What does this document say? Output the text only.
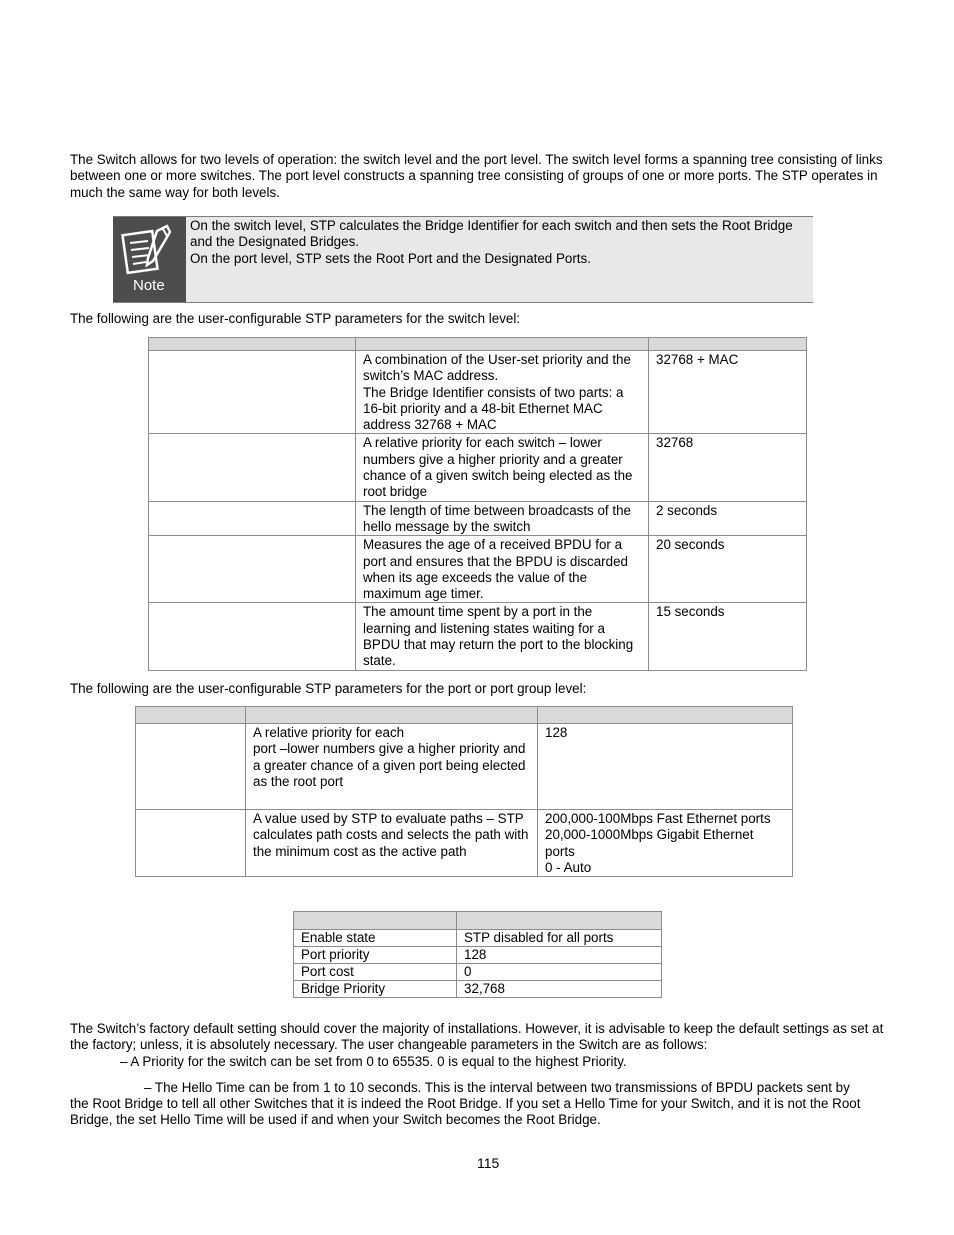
The Switch allows for two levels of operation: the switch level and the port level. The switch level forms a spanning tree consisting of links between one or more switches. The port level constructs a spanning tree consisting of groups of one or more ports. The STP operates in much the same way for both levels.

Note

On the switch level, STP calculates the Bridge Identifier for each switch and then sets the Root Bridge and the Designated Bridges.

On the port level, STP sets the Root Port and the Designated Ports.

The following are the user-configurable STP parameters for the switch level:

	A combination of the User-set priority and the switch’s MAC address.
The Bridge Identifier consists of two parts: a 16-bit priority and a 48-bit Ethernet MAC address 32768 + MAC	32768 + MAC
	A relative priority for each switch – lower numbers give a higher priority and a greater chance of a given switch being elected as the root bridge	32768
	The length of time between broadcasts of the hello message by the switch	2 seconds
	Measures the age of a received BPDU for a port and ensures that the BPDU is discarded when its age exceeds the value of the maximum age timer.	20 seconds
	The amount time spent by a port in the learning and listening states waiting for a BPDU that may return the port to the blocking state.	15 seconds

The following are the user-configurable STP parameters for the port or port group level:

	A relative priority for each
port –lower numbers give a higher priority and a greater chance of a given port being elected as the root port	128
	A value used by STP to evaluate paths – STP calculates path costs and selects the path with the minimum cost as the active path	200,000-100Mbps Fast Ethernet ports
20,000-1000Mbps Gigabit Ethernet ports
0 - Auto

Enable state	STP disabled for all ports
Port priority	128
Port cost	0
Bridge Priority	32,768

The Switch’s factory default setting should cover the majority of installations. However, it is advisable to keep the default settings as set at the factory; unless, it is absolutely necessary. The user changeable parameters in the Switch are as follows:

– A Priority for the switch can be set from 0 to 65535. 0 is equal to the highest Priority.

– The Hello Time can be from 1 to 10 seconds. This is the interval between two transmissions of BPDU packets sent by

the Root Bridge to tell all other Switches that it is indeed the Root Bridge. If you set a Hello Time for your Switch, and it is not the Root Bridge, the set Hello Time will be used if and when your Switch becomes the Root Bridge.

115
